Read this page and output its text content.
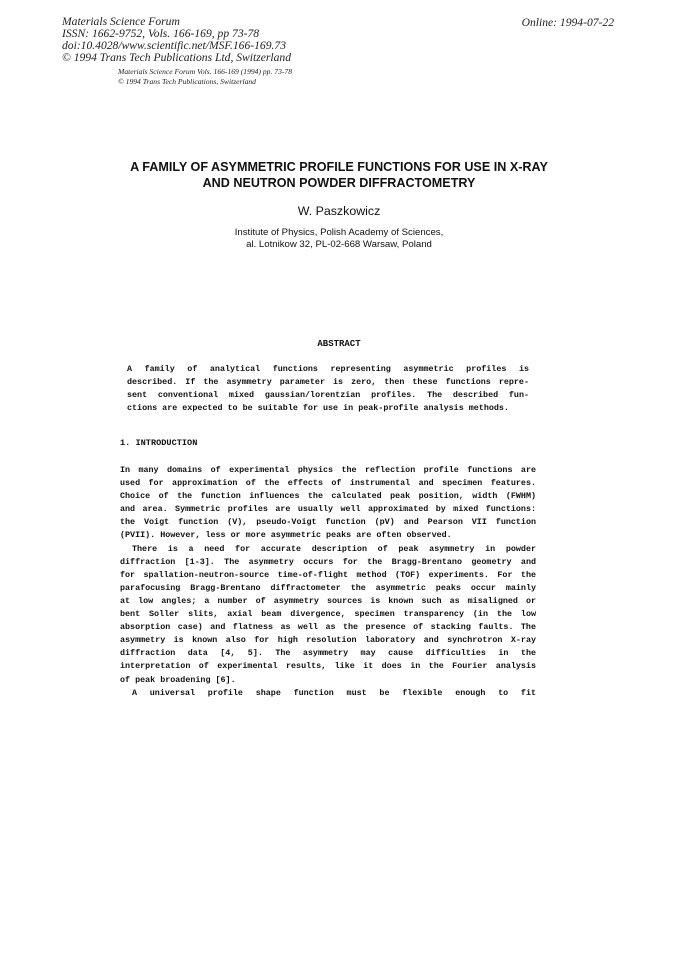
Materials Science Forum
ISSN: 1662-9752, Vols. 166-169, pp 73-78
doi:10.4028/www.scientific.net/MSF.166-169.73
© 1994 Trans Tech Publications Ltd, Switzerland
Online: 1994-07-22
Materials Science Forum Vols. 166-169 (1994) pp. 73-78
© 1994 Trans Tech Publications, Switzerland
A FAMILY OF ASYMMETRIC PROFILE FUNCTIONS FOR USE IN X-RAY
AND NEUTRON POWDER DIFFRACTOMETRY
W. Paszkowicz
Institute of Physics, Polish Academy of Sciences,
al. Lotnikow 32, PL-02-668 Warsaw, Poland
ABSTRACT
A family of analytical functions representing asymmetric profiles is
described. If the asymmetry parameter is zero, then these functions repre-
sent conventional mixed gaussian/lorentzian profiles. The described fun-
ctions are expected to be suitable for use in peak-profile analysis methods.
1. INTRODUCTION
In many domains of experimental physics the reflection profile functions are
used for approximation of the effects of instrumental and specimen features.
Choice of the function influences the calculated peak position, width (FWHM)
and area. Symmetric profiles are usually well approximated by mixed functions:
the Voigt function (V), pseudo-Voigt function (pV) and Pearson VII function
(PVII). However, less or more asymmetric peaks are often observed.
There is a need for accurate description of peak asymmetry in powder
diffraction [1-3]. The asymmetry occurs for the Bragg-Brentano geometry and
for spallation-neutron-source time-of-flight method (TOF) experiments. For the
parafocusing Bragg-Brentano diffractometer the asymmetric peaks occur mainly
at low angles; a number of asymmetry sources is known such as misaligned or
bent Soller slits, axial beam divergence, specimen transparency (in the low
absorption case) and flatness as well as the presence of stacking faults. The
asymmetry is known also for high resolution laboratory and synchrotron X-ray
diffraction data [4, 5]. The asymmetry may cause difficulties in the
interpretation of experimental results, like it does in the Fourier analysis
of peak broadening [6].
A universal profile shape function must be flexible enough to fit
